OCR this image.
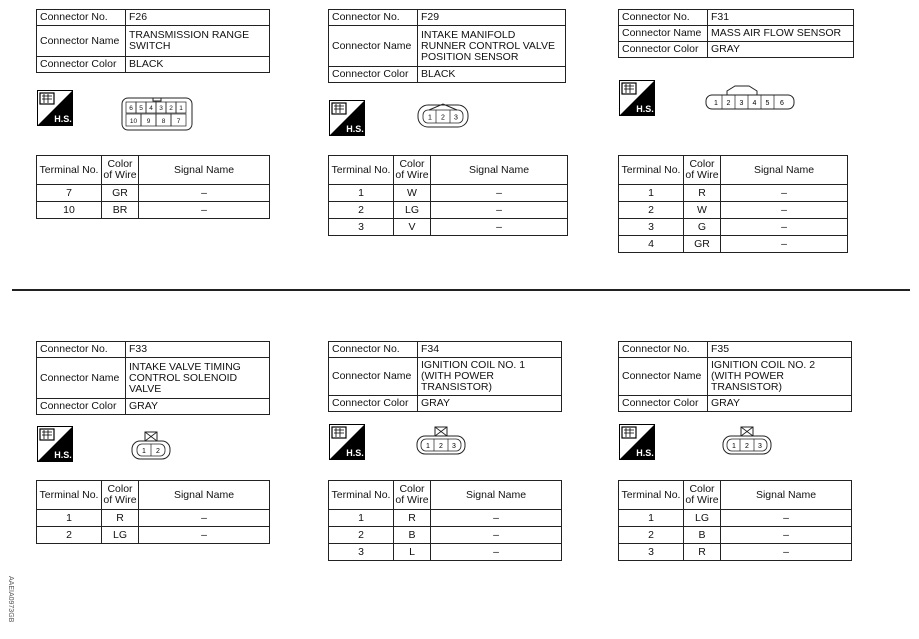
Connector No.	F26
Connector Name	TRANSMISSION RANGE SWITCH
Connector Color	BLACK
H.S.
6 5 4 3 2 1
10 9 8 7
Terminal No.	Color of Wire	Signal Name
7	GR	–
10	BR	–
Connector No.	F29
Connector Name	INTAKE MANIFOLD RUNNER CONTROL VALVE POSITION SENSOR
Connector Color	BLACK
H.S.
1 2 3
Terminal No.	Color of Wire	Signal Name
1	W	–
2	LG	–
3	V	–
Connector No.	F31
Connector Name	MASS AIR FLOW SENSOR
Connector Color	GRAY
H.S.
1 2 3 4 5 6
Terminal No.	Color of Wire	Signal Name
1	R	–
2	W	–
3	G	–
4	GR	–
Connector No.	F33
Connector Name	INTAKE VALVE TIMING CONTROL SOLENOID VALVE
Connector Color	GRAY
H.S.	1 2
Terminal No.	Color of Wire	Signal Name
1	R	–
2	LG	–
Connector No.	F34
Connector Name	IGNITION COIL NO. 1 (WITH POWER TRANSISTOR)
Connector Color	GRAY
H.S.
1 2 3
Terminal No.	Color of Wire	Signal Name
1	R	–
2	B	–
3	L	–
Connector No.	F35
Connector Name	IGNITION COIL NO. 2 (WITH POWER TRANSISTOR)
Connector Color	GRAY
H.S.
1 2 3
Terminal No.	Color of Wire	Signal Name
1	LG	–
2	B	–
3	R	–
AAEIA0973GB
